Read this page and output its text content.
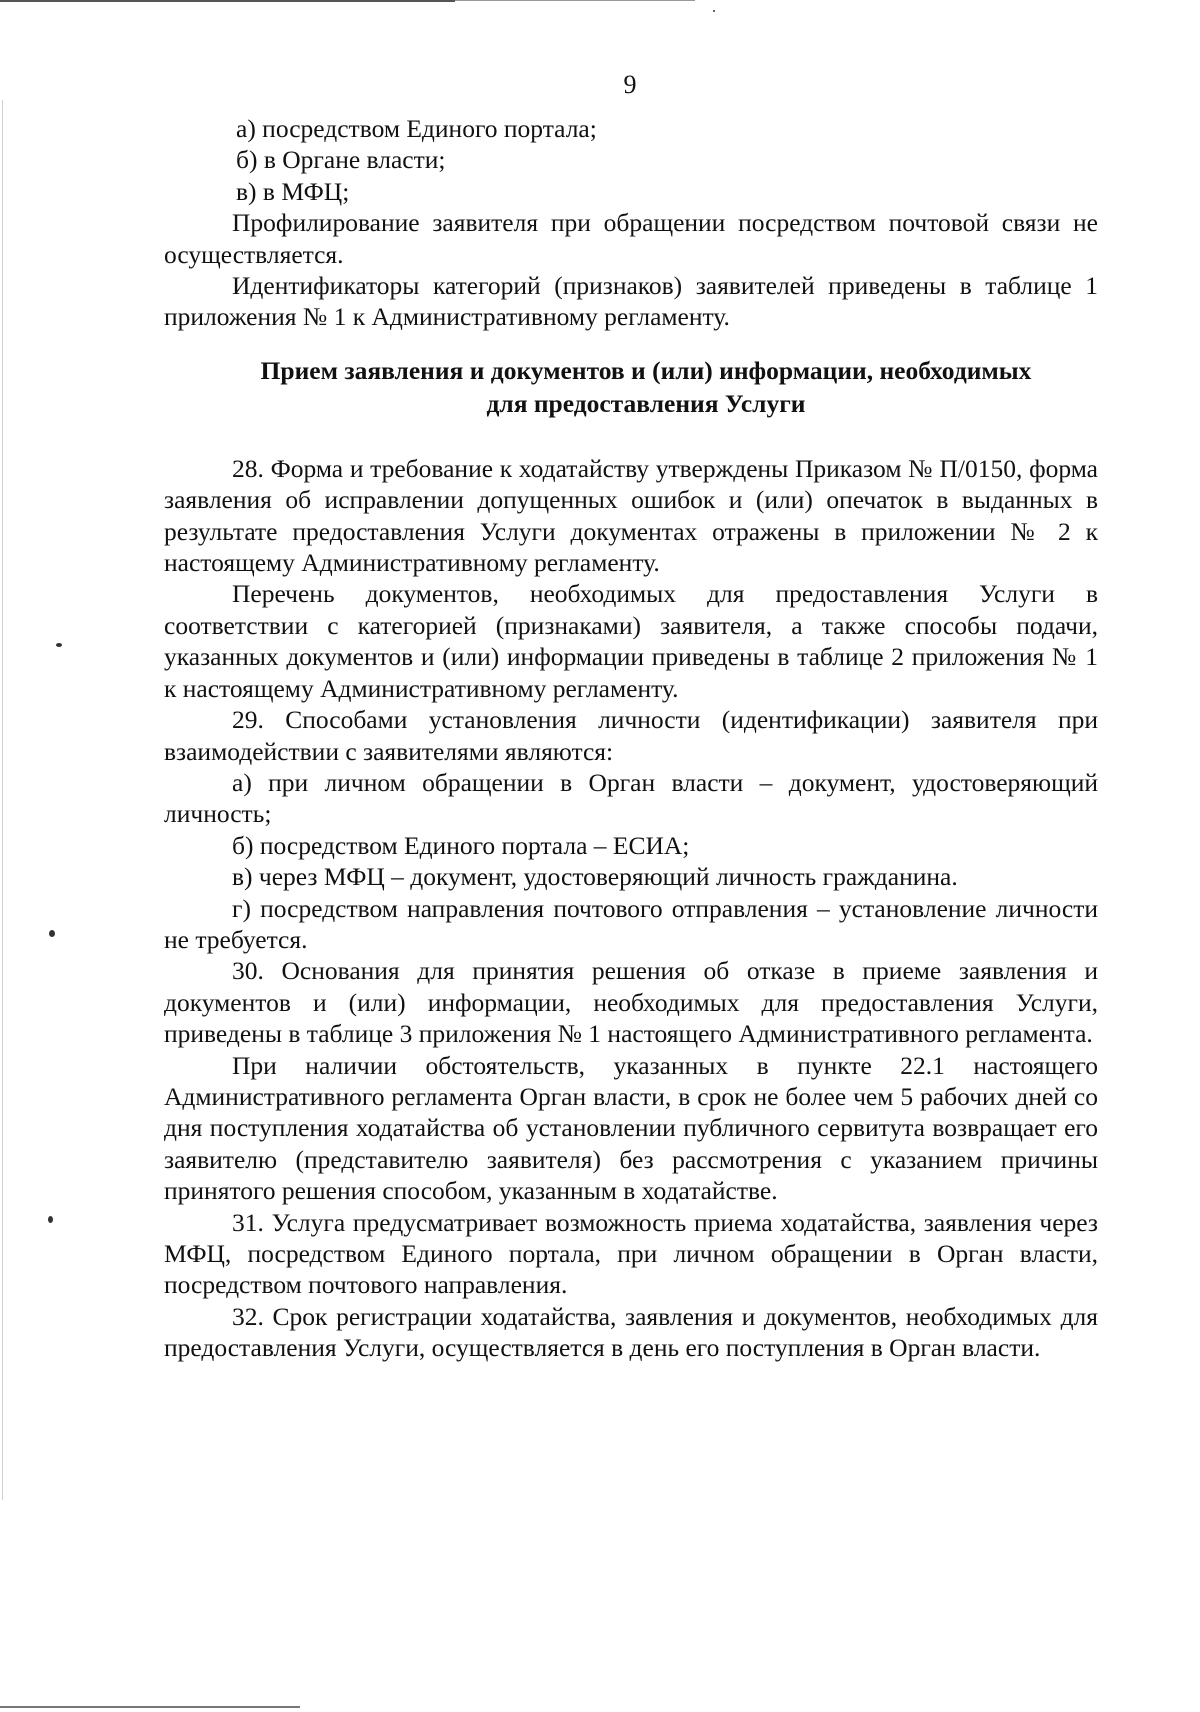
9

а) посредством Единого портала;

б) в Органе власти;

в) в МФЦ;

Профилирование заявителя при обращении посредством почтовой связи не осуществляется.

Идентификаторы категорий (признаков) заявителей приведены в таблице 1 приложения № 1 к Административному регламенту.

Прием заявления и документов и (или) информации, необходимых
для предоставления Услуги

28. Форма и требование к ходатайству утверждены Приказом № П/0150, форма заявления об исправлении допущенных ошибок и (или) опечаток в выданных в результате предоставления Услуги документах отражены в приложении № 2 к настоящему Административному регламенту.

Перечень документов, необходимых для предоставления Услуги в соответствии с категорией (признаками) заявителя, а также способы подачи, указанных документов и (или) информации приведены в таблице 2 приложения № 1 к настоящему Административному регламенту.

29. Способами установления личности (идентификации) заявителя при взаимодействии с заявителями являются:

а) при личном обращении в Орган власти – документ, удостоверяющий личность;

б) посредством Единого портала – ЕСИА;

в) через МФЦ – документ, удостоверяющий личность гражданина.

г) посредством направления почтового отправления – установление личности не требуется.

30. Основания для принятия решения об отказе в приеме заявления и документов и (или) информации, необходимых для предоставления Услуги, приведены в таблице 3 приложения № 1 настоящего Административного регламента.

При наличии обстоятельств, указанных в пункте 22.1 настоящего Административного регламента Орган власти, в срок не более чем 5 рабочих дней со дня поступления ходатайства об установлении публичного сервитута возвращает его заявителю (представителю заявителя) без рассмотрения с указанием причины принятого решения способом, указанным в ходатайстве.

31. Услуга предусматривает возможность приема ходатайства, заявления через МФЦ, посредством Единого портала, при личном обращении в Орган власти, посредством почтового направления.

32. Срок регистрации ходатайства, заявления и документов, необходимых для предоставления Услуги, осуществляется в день его поступления в Орган власти.
